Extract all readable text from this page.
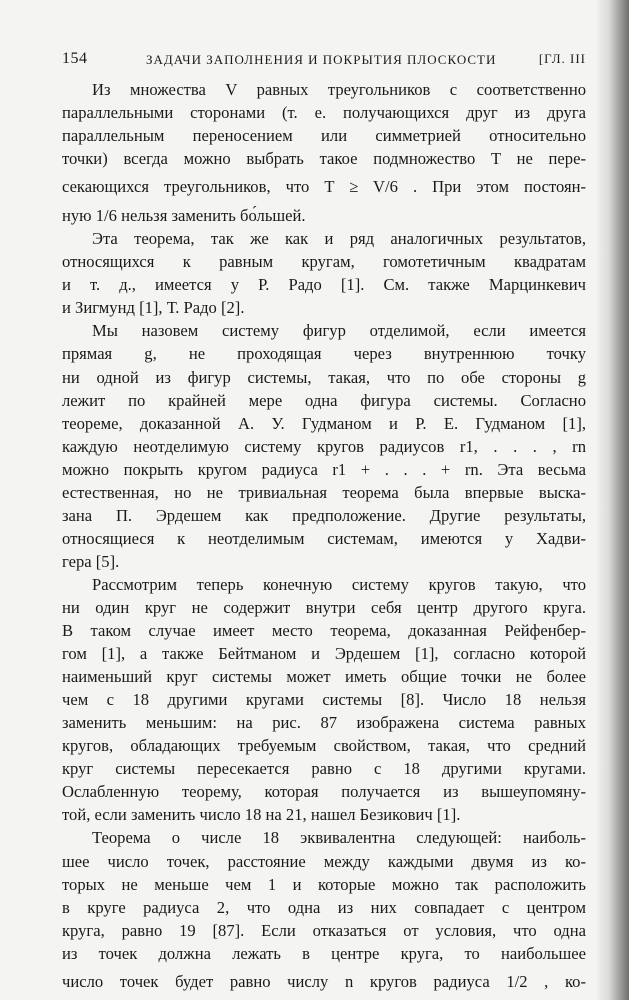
154	ЗАДАЧИ ЗАПОЛНЕНИЯ И ПОКРЫТИЯ ПЛОСКОСТИ	[ГЛ. III
Из множества V равных треугольников с соответственно
параллельными сторонами (т. е. получающихся друг из друга
параллельным переносением или симметрией относительно
точки) всегда можно выбрать такое подмножество T не пере-
секающихся треугольников, что T ≥ V/6 . При этом постоян-
ную 1/6 нельзя заменить бо́льшей.
Эта теорема, так же как и ряд аналогичных результатов,
относящихся к равным кругам, гомотетичным квадратам
и т. д., имеется у Р. Радо [1]. См. также Марцинкевич
и Зигмунд [1], Т. Радо [2].
Мы назовем систему фигур отделимой, если имеется
прямая g, не проходящая через внутреннюю точку
ни одной из фигур системы, такая, что по обе стороны g
лежит по крайней мере одна фигура системы. Согласно
теореме, доказанной А. У. Гудманом и Р. Е. Гудманом [1],
каждую неотделимую систему кругов радиусов r1, . . . , rn
можно покрыть кругом радиуса r1 + . . . + rn. Эта весьма
естественная, но не тривиальная теорема была впервые выска-
зана П. Эрдешем как предположение. Другие результаты,
относящиеся к неотделимым системам, имеются у Хадви-
гера [5].
Рассмотрим теперь конечную систему кругов такую, что
ни один круг не содержит внутри себя центр другого круга.
В таком случае имеет место теорема, доказанная Рейфенбер-
гом [1], а также Бейтманом и Эрдешем [1], согласно которой
наименьший круг системы может иметь общие точки не более
чем с 18 другими кругами системы [8]. Число 18 нельзя
заменить меньшим: на рис. 87 изображена система равных
кругов, обладающих требуемым свойством, такая, что средний
круг системы пересекается равно с 18 другими кругами.
Ослабленную теорему, которая получается из вышеупомяну-
той, если заменить число 18 на 21, нашел Безикович [1].
Теорема о числе 18 эквивалентна следующей: наиболь-
шее число точек, расстояние между каждыми двумя из ко-
торых не меньше чем 1 и которые можно так расположить
в круге радиуса 2, что одна из них совпадает с центром
круга, равно 19 [87]. Если отказаться от условия, что одна
из точек должна лежать в центре круга, то наибольшее
число точек будет равно числу n кругов радиуса 1/2 , ко-
